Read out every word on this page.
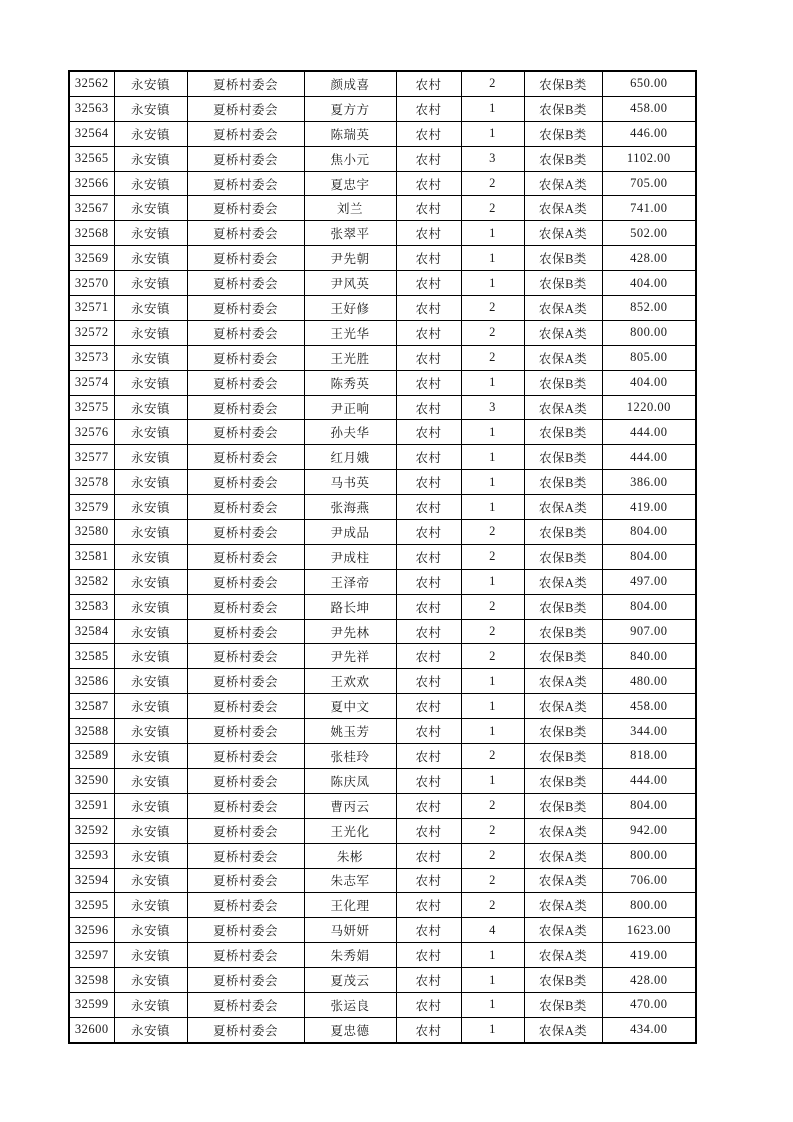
32562	永安镇	夏桥村委会	颜成喜	农村	2	农保B类	650.00
32563	永安镇	夏桥村委会	夏方方	农村	1	农保B类	458.00
32564	永安镇	夏桥村委会	陈瑞英	农村	1	农保B类	446.00
32565	永安镇	夏桥村委会	焦小元	农村	3	农保B类	1102.00
32566	永安镇	夏桥村委会	夏忠宇	农村	2	农保A类	705.00
32567	永安镇	夏桥村委会	刘兰	农村	2	农保A类	741.00
32568	永安镇	夏桥村委会	张翠平	农村	1	农保A类	502.00
32569	永安镇	夏桥村委会	尹先朝	农村	1	农保B类	428.00
32570	永安镇	夏桥村委会	尹风英	农村	1	农保B类	404.00
32571	永安镇	夏桥村委会	王好修	农村	2	农保A类	852.00
32572	永安镇	夏桥村委会	王光华	农村	2	农保A类	800.00
32573	永安镇	夏桥村委会	王光胜	农村	2	农保A类	805.00
32574	永安镇	夏桥村委会	陈秀英	农村	1	农保B类	404.00
32575	永安镇	夏桥村委会	尹正响	农村	3	农保A类	1220.00
32576	永安镇	夏桥村委会	孙夫华	农村	1	农保B类	444.00
32577	永安镇	夏桥村委会	红月娥	农村	1	农保B类	444.00
32578	永安镇	夏桥村委会	马书英	农村	1	农保B类	386.00
32579	永安镇	夏桥村委会	张海燕	农村	1	农保A类	419.00
32580	永安镇	夏桥村委会	尹成品	农村	2	农保B类	804.00
32581	永安镇	夏桥村委会	尹成柱	农村	2	农保B类	804.00
32582	永安镇	夏桥村委会	王泽帝	农村	1	农保A类	497.00
32583	永安镇	夏桥村委会	路长坤	农村	2	农保B类	804.00
32584	永安镇	夏桥村委会	尹先林	农村	2	农保B类	907.00
32585	永安镇	夏桥村委会	尹先祥	农村	2	农保B类	840.00
32586	永安镇	夏桥村委会	王欢欢	农村	1	农保A类	480.00
32587	永安镇	夏桥村委会	夏中文	农村	1	农保A类	458.00
32588	永安镇	夏桥村委会	姚玉芳	农村	1	农保B类	344.00
32589	永安镇	夏桥村委会	张桂玲	农村	2	农保B类	818.00
32590	永安镇	夏桥村委会	陈庆凤	农村	1	农保B类	444.00
32591	永安镇	夏桥村委会	曹丙云	农村	2	农保B类	804.00
32592	永安镇	夏桥村委会	王光化	农村	2	农保A类	942.00
32593	永安镇	夏桥村委会	朱彬	农村	2	农保A类	800.00
32594	永安镇	夏桥村委会	朱志军	农村	2	农保A类	706.00
32595	永安镇	夏桥村委会	王化理	农村	2	农保A类	800.00
32596	永安镇	夏桥村委会	马妍妍	农村	4	农保A类	1623.00
32597	永安镇	夏桥村委会	朱秀娟	农村	1	农保A类	419.00
32598	永安镇	夏桥村委会	夏茂云	农村	1	农保B类	428.00
32599	永安镇	夏桥村委会	张运良	农村	1	农保B类	470.00
32600	永安镇	夏桥村委会	夏忠德	农村	1	农保A类	434.00
